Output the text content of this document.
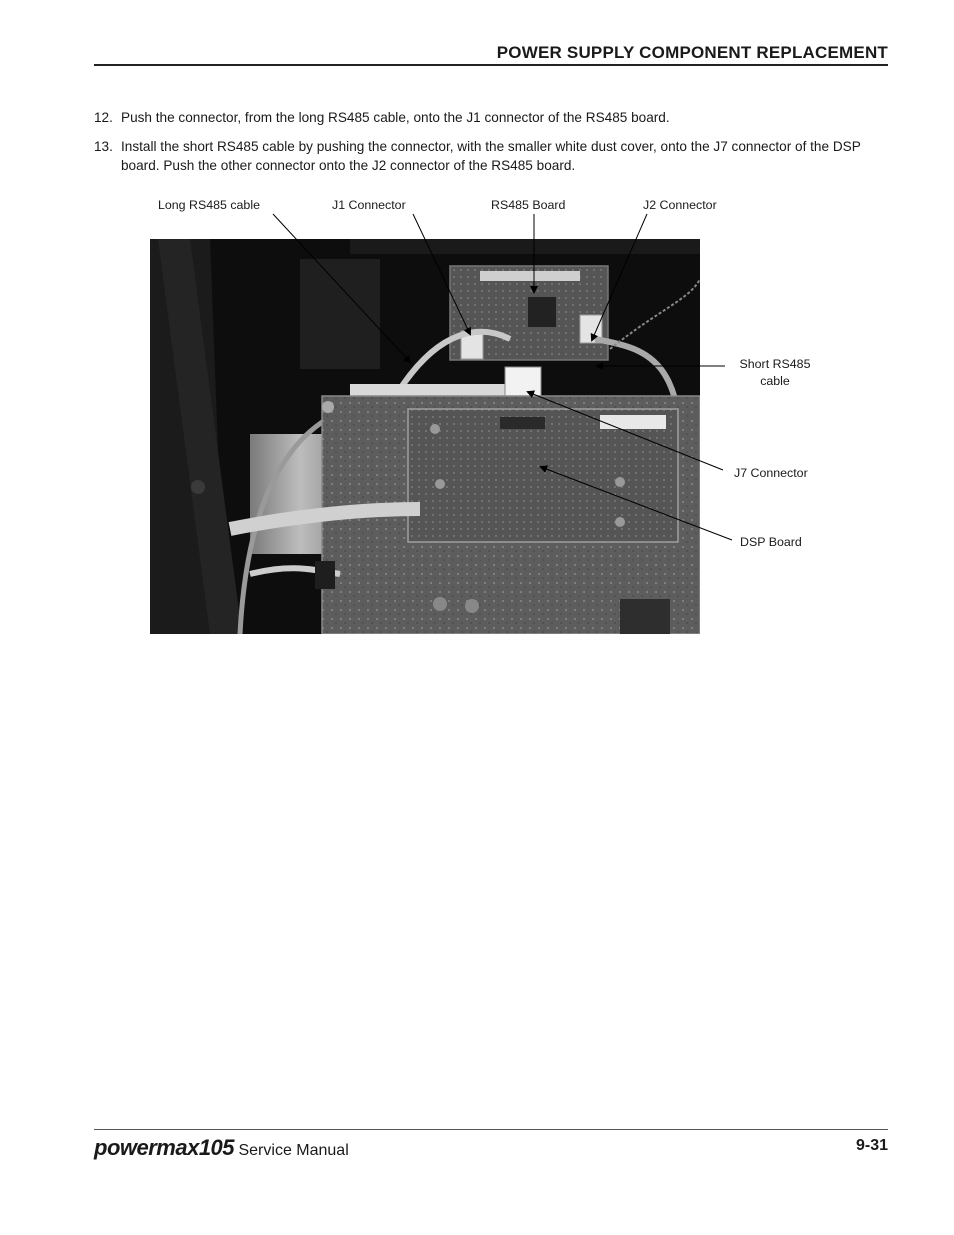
POWER SUPPLY COMPONENT REPLACEMENT
12. Push the connector, from the long RS485 cable, onto the J1 connector of the RS485 board.
13. Install the short RS485 cable by pushing the connector, with the smaller white dust cover, onto the J7 connector of the DSP board. Push the other connector onto the J2 connector of the RS485 board.
Long RS485 cable	J1 Connector	RS485 Board	J2 Connector
Short RS485
cable
J7 Connector
DSP Board
powermax105 Service Manual	9-31
